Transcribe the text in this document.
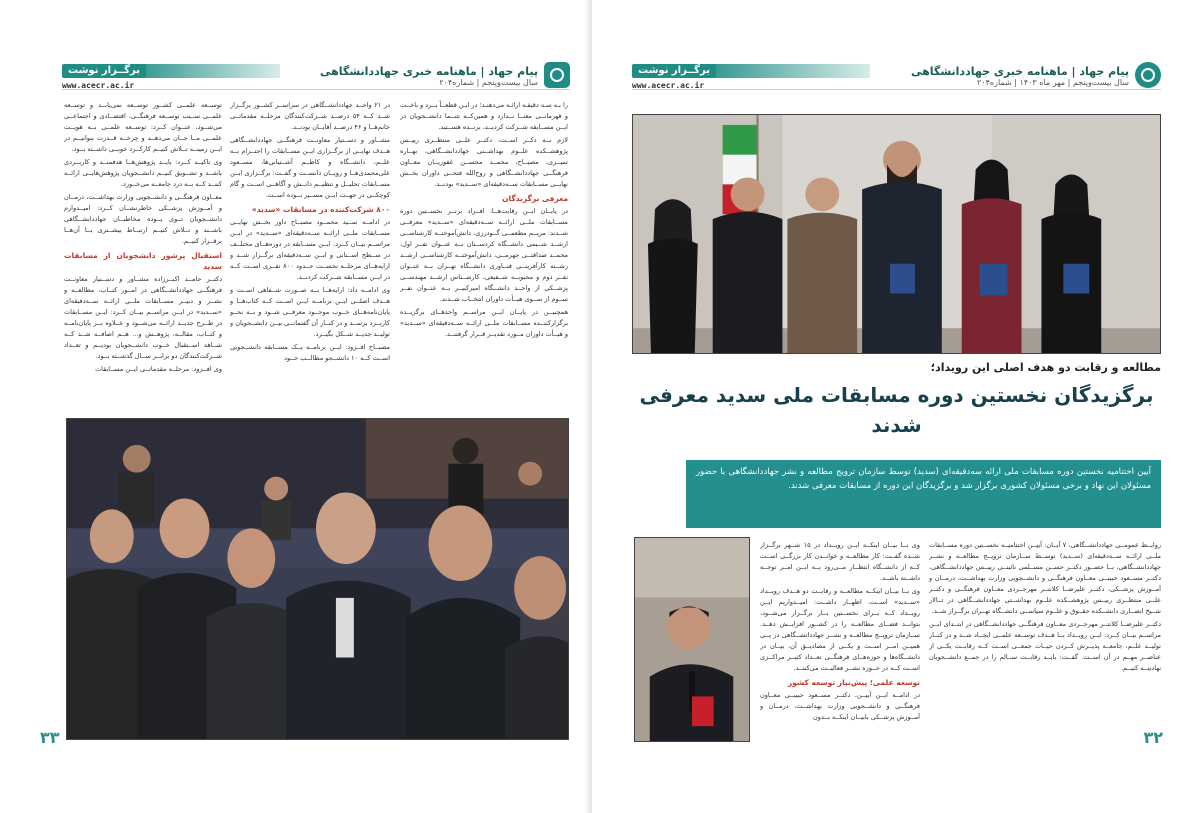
پیام جهاد | ماهنامه خبری جهاددانشگاهی
سال بیست‌وپنجم | شماره۲۰۴
برگــزار نوشت
www.acecr.ac.ir

را بـه سـه دقیقـه ارائـه می‌دهنـد؛ در ایـن قطعــاً بــرد و باخــت و قهرمانــی معنــا نــدارد و همین‌کــه شــما دانشــجویان در ایــن مســابقه شــرکت کردیــد، برنــده هســتید.

لازم بــه ذکــر اســت، دکتــر علــی منتظــری رییــس پژوهشــکده علــوم بهداشــتی جهاددانشــگاهی، بهــاره تمیــزی، مصیــاح، محمــد محســن غفوریــان معــاون فرهنگــی جهاددانشــگاهی و روح‌الله فتحــی داوران بخــش نهایــی مســابقات ســه‌دقیقه‌ای «ســدید» بودنــد.

معرفی برگزیدگان

در پایــان ایــن رقابت‌هــا، افــراد برتــر نخســتین دوره مســابقات ملــی ارائــه ســه‌دقیقه‌ای «ســدید» معرفــی شــدند: مریــم مطعمــی گــودرزی، دانش‌آموختــه کارشناســی ارشــد شــیمی دانشــگاه کردســتان بــه عنــوان نفــر اول، محمــد صداقتــی جهرمــی، دانش‌آموختــه کارشناســی ارشــد رشــته کارآفرینــی فنــاوری دانشــگاه تهــران بــه عنــوان نفــر دوم و محبوبــه شــفیعی، کارشــناس ارشــد مهندســی پزشــکی از واحــد دانشــگاه امیرکبیــر بــه عنــوان نفــر ســوم از ســوی هیــأت داوران انتخــاب شــدند.

همچنیــن در پایــان ایــن مراســم واحدهــای برگزیــده برگزارکننــده مســابقات ملــی ارائــه ســه‌دقیقه‌ای «ســدید» و هیــأت داوران مــورد تقدیــر قــرار گرفتنــد.

در ۲۱ واحــد جهاددانشــگاهی در سراســر کشــور برگــزار شــد کــه ۵۴ درصــد شــرکت‌کنندگان مرحلــه مقدماتــی خانم‌هــا و ۴۶ درصــد آقایــان بودنــد.

مشــاور و دســتیار معاونــت فرهنگــی جهاددانشــگاهی هــدف نهایــی از برگــزاری ایــن مســابقات را احتــرام بــه علــم، دانشــگاه و کاظــم آشــتیانی‌ها، مســعود علی‌محمدی‌هــا و رویــان دانســت و گفــت: برگــزاری ایــن مســابقات تحلیــل و تنظیــم دانــش و آگاهــی اســت و گام کوچکــی در جهــت ایــن مســیر بــوده اســت.

۸۰۰ شرکت‌کننده در مسابقات «سدید»

در ادامــه ســید محمــود مصبــاح داور بخــش نهایــی مســابقات ملــی ارائــه ســه‌دقیقه‌ای «ســدید» در ایــن مراســم بیــان کــرد: ایــن مســابقه در دوره‌هــای مختلــف در ســطح اســتانی و ایــن ســه‌دقیقه‌ای برگــزار شــد و ارایه‌هــای مرحلــه نخســت حــدود ۸۰۰ نفــری اســت کــه در ایــن مســابقه شــرکت کردنــد.

وی ادامــه داد: ارایه‌هــا بــه صــورت شــفاهی اســت و هــدف اصلــی ایــن برنامــه ایــن اســت کــه کتاب‌هــا و پایان‌نامه‌هــای خــوب موجــود معرفــی شــود و بــه نحــو کاربــرد برســد و در کنــار آن گفتمانــی بیــن دانشــجویان و تولیــد جدیــد شــکل بگیــرد.

مصبــاح افــزود: ایــن برنامــه یــک مســابقه دانشــجویی اســت کــه ۱۰ دانشــجو مطالــب خــود

توســعه علمــی کشــور توســعه نمی‌یابــد و توســعه علمــی ســبب توســعه فرهنگــی، اقتصــادی و اجتماعــی می‌شــود، عنــوان کــرد: توســعه علمــی بــه هویــت علمــی مــا جــان می‌دهــد و چرخــه قــدرت بنوانیــم در ایــن زمینــه تــلاش کنیــم کارکــرد خوبــی داشــته بــود.

وی تاکیــد کــرد: بایــد پژوهش‌هــا هدفمنــد و کاربــردی باشــد و تشــویق کنیــم دانشــجویان پژوهش‌هایــی ارائــه کننــد کــه بــه درد جامعــه می‌خــورد.

معــاون فرهنگــی و دانشــجویی وزارت بهداشــت، درمــان و آمــوزش پزشــکی خاطرنشــان کــرد: امیــدوارم دانشــجویان تــوی پــوده مخاطبــان جهاددانشــگاهی باشــند و تــلاش کنیــم ارتبــاط بیشــتری بــا آن‌هــا برقــرار کنیــم.

استقبال پرشور دانشجویان از مسابقات سدید

دکتــر حامــد اکبــرزاده مشــاور و دســتیار معاونــت فرهنگــی جهاددانشــگاهی در امــور کتــاب، مطالعــه و نشــر و دبیــر مســابقات ملــی ارائــه ســه‌دقیقه‌ای «ســدید» در ایــن مراســم بیــان کــرد: ایــن مســابقات در طــرح جدیــد ارائــه می‌شــود و عــلاوه بــر پایان‌نامــه و کتــاب، مقالــه، پژوهــش و... هــم اضافــه شــد کــه شــاهد اســتقبال خــوب دانشــجویان بودیــم و تعــداد شــرکت‌کنندگان دو برابــر ســال گذشــته بــود.

وی افــزود: مرحلــه مقدماتــی ایــن مســابقات

۳۳
پیام جهاد | ماهنامه خبری جهاددانشگاهی
سال بیست‌وپنجم | مهر ماه ۱۴۰۳ | شماره۲۰۴
برگــزار نوشت
www.acecr.ac.ir
مطالعه و رقابت دو هدف اصلی این رویداد؛
برگزیدگان نخستین دوره مسابقات ملی سدید معرفی شدند
آیین اختتامیه نخستین دوره مسابقات ملی ارائه سه‌دقیقه‌ای (سدید) توسط سازمان ترویج مطالعه و نشر جهاددانشگاهی با حضور مسئولان این نهاد و برخی مسئولان کشوری برگزار شد و برگزیدگان این دوره از مسابقات معرفی شدند.

روابــط عمومــی جهاددانشــگاهی، ۷ آبــان: آییــن اختتامیــه نخســتین دوره مســابقات ملــی ارائــه ســه‌دقیقه‌ای (ســدید) توســط ســازمان ترویــج مطالعــه و نشــر جهاددانشــگاهی، بــا حضــور دکتــر حســن مســلمی نائینــی رییــس جهاددانشــگاهی، دکتــر مســعود حبیبــی معــاون فرهنگــی و دانشــجویی وزارت بهداشــت، درمــان و آمــوزش پزشــکی، دکتــر علیرضــا کلانتــر مهرجــردی معــاون فرهنگــی و دکتــر علــی منتظــری رییــس پژوهشــکده علــوم بهداشــتی جهاددانشــگاهی در تــالار شــیخ انصــاری دانشــکده حقــوق و علــوم سیاســی دانشــگاه تهــران برگــزار شــد.

دکتــر علیرضــا کلانتــر مهرجــردی معــاون فرهنگــی جهاددانشــگاهی در ابتــدای ایــن مراســم بیــان کــرد: ایــن رویــداد بــا هــدف توســعه علمــی ایجــاد شــد و در کنــار تولیــد علــم، جامعــه پذیــرش کــردن حیــات جمعــی اســت کــه رقابــت یکــی از عناصــر مهــم در آن اســت. گفــت: بایــد رقابــت ســالم را در جمــع دانشــجویان نهادینــه کنیــم.

وی بــا بیــان اینکــه ایــن رویــداد در ۱۵ شــهر برگــزار شــده گفــت: کار مطالعــه و خوانــدن کار بزرگــی اســت کــه از دانشــگاه انتظــار مــی‌رود بــه ایــن امــر توجــه داشــته باشــد.

وی بــا بیــان اینکــه مطالعــه و رقابــت دو هــدف رویــداد «ســدید» اســت، اظهــار داشــت: امیــدواریم ایــن رویــداد کــه بــرای نخســتین بــار برگــزار می‌شــود، بتوانــد فضــای مطالعــه را در کشــور افزایــش دهــد. ســازمان ترویــج مطالعــه و نشــر جهاددانشــگاهی در پــی همیــن امــر اســت و یکــی از مصادیــق آن، بیــان در دانشــگاه‌ها و حوزه‌هــای فرهنگــی تعــداد کثیــر مراکــزی اســت کــه در حــوزه نشــر فعالیــت می‌کننــد.

توسعه علمی؛ پیش‌نیاز توسعه کشور

در ادامــه ایــن آییــن، دکتــر مســعود حبیبــی معــاون فرهنگــی و دانشــجویی وزارت بهداشــت، درمــان و آمــوزش پزشــکی بابیــان اینکــه بــدون

۳۲
